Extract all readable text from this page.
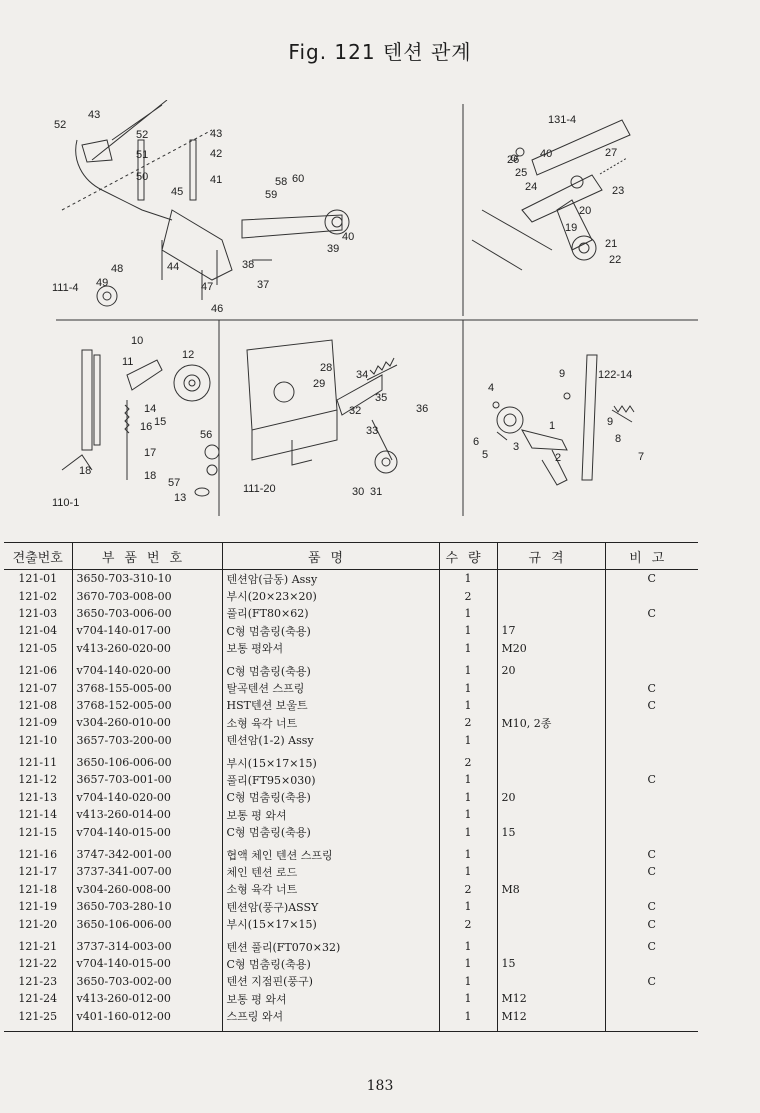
Fig. 121 텐션 관계
52
43
52	43
51	42
50	41
45
58 60
59
40
39
38
37
44
48
49
111-4	47
46
131-4
26 40
25
27
24	23
20
19
21
22
10
11
12
14
16 15
56
17
18	18
57
13
110-1
28
29
34
35
32	36
33
111-20	30 31
9	122-14
4
1	9
8
6	3
5	2	7
견출번호	부품번호	품명	수량	규격	비고
121-01	3650-703-310-10	텐션암(급동) Assy	1		C
121-02	3670-703-008-00	부시(20×23×20)	2		
121-03	3650-703-006-00	풀리(FT80×62)	1		C
121-04	v704-140-017-00	C형 멈춤링(축용)	1	17	
121-05	v413-260-020-00	보통 평와셔	1	M20	
121-06	v704-140-020-00	C형 멈춤링(축용)	1	20	
121-07	3768-155-005-00	탈곡텐션 스프링	1		C
121-08	3768-152-005-00	HST텐션 보울트	1		C
121-09	v304-260-010-00	소형 육각 너트	2	M10, 2종	
121-10	3657-703-200-00	텐션암(1-2) Assy	1		
121-11	3650-106-006-00	부시(15×17×15)	2		
121-12	3657-703-001-00	풀리(FT95×030)	1		C
121-13	v704-140-020-00	C형 멈춤링(축용)	1	20	
121-14	v413-260-014-00	보통 평 와셔	1		
121-15	v704-140-015-00	C형 멈춤링(축용)	1	15	
121-16	3747-342-001-00	협액 체인 텐션 스프링	1		C
121-17	3737-341-007-00	체인 텐션 로드	1		C
121-18	v304-260-008-00	소형 육각 너트	2	M8	
121-19	3650-703-280-10	텐션암(풍구)ASSY	1		C
121-20	3650-106-006-00	부시(15×17×15)	2		C
121-21	3737-314-003-00	텐션 풀리(FT070×32)	1		C
121-22	v704-140-015-00	C형 멈춤링(축용)	1	15	
121-23	3650-703-002-00	텐션 지점핀(풍구)	1		C
121-24	v413-260-012-00	보통 평 와셔	1	M12	
121-25	v401-160-012-00	스프링 와셔	1	M12	
183
